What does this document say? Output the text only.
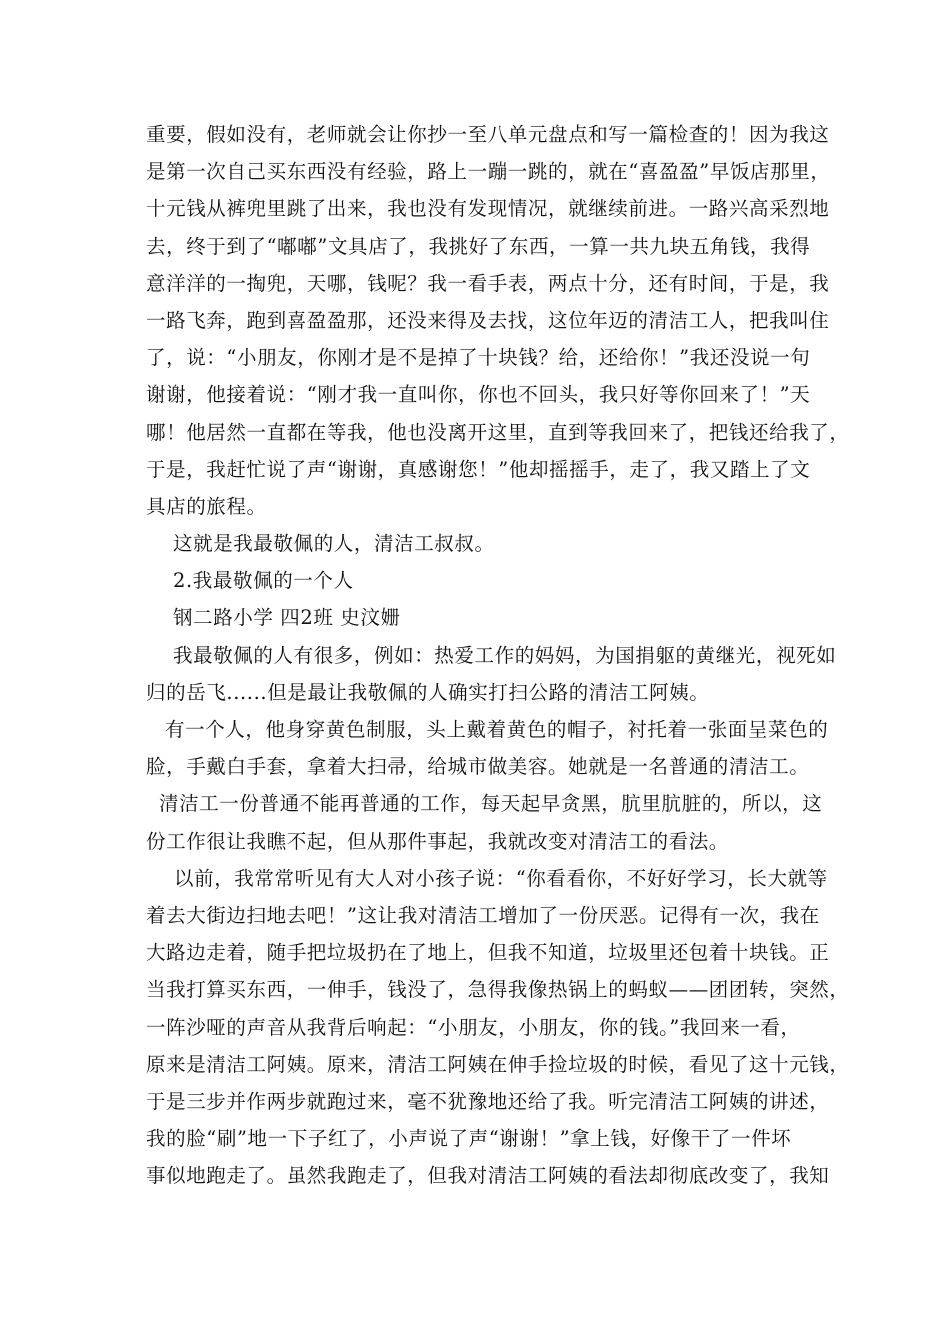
重要，假如没有，老师就会让你抄一至八单元盘点和写一篇检查的！因为我这
是第一次自己买东西没有经验，路上一蹦一跳的，就在“喜盈盈”早饭店那里，
十元钱从裤兜里跳了出来，我也没有发现情况，就继续前进。一路兴高采烈地
去，终于到了“嘟嘟”文具店了，我挑好了东西，一算一共九块五角钱，我得
意洋洋的一掏兜，天哪，钱呢？我一看手表，两点十分，还有时间，于是，我
一路飞奔，跑到喜盈盈那，还没来得及去找，这位年迈的清洁工人，把我叫住
了，说：“小朋友，你刚才是不是掉了十块钱？给，还给你！”我还没说一句
谢谢，他接着说：“刚才我一直叫你，你也不回头，我只好等你回来了！”天
哪！他居然一直都在等我，他也没离开这里，直到等我回来了，把钱还给我了，
于是，我赶忙说了声“谢谢，真感谢您！”他却摇摇手，走了，我又踏上了文
具店的旅程。
这就是我最敬佩的人，清洁工叔叔。
2.我最敬佩的一个人
钢二路小学 四2班 史汶姗
我最敬佩的人有很多，例如：热爱工作的妈妈，为国捐躯的黄继光，视死如
归的岳飞......但是最让我敬佩的人确实打扫公路的清洁工阿姨。
有一个人，他身穿黄色制服，头上戴着黄色的帽子，衬托着一张面呈菜色的
脸，手戴白手套，拿着大扫帚，给城市做美容。她就是一名普通的清洁工。
清洁工一份普通不能再普通的工作，每天起早贪黑，肮里肮脏的，所以，这
份工作很让我瞧不起，但从那件事起，我就改变对清洁工的看法。
以前，我常常听见有大人对小孩子说：“你看看你，不好好学习，长大就等
着去大街边扫地去吧！”这让我对清洁工增加了一份厌恶。记得有一次，我在
大路边走着，随手把垃圾扔在了地上，但我不知道，垃圾里还包着十块钱。正
当我打算买东西，一伸手，钱没了，急得我像热锅上的蚂蚁——团团转，突然，
一阵沙哑的声音从我背后响起：“小朋友，小朋友，你的钱。”我回来一看，
原来是清洁工阿姨。原来，清洁工阿姨在伸手捡垃圾的时候，看见了这十元钱，
于是三步并作两步就跑过来，毫不犹豫地还给了我。听完清洁工阿姨的讲述，
我的脸“刷”地一下子红了，小声说了声“谢谢！”拿上钱，好像干了一件坏
事似地跑走了。虽然我跑走了，但我对清洁工阿姨的看法却彻底改变了，我知
